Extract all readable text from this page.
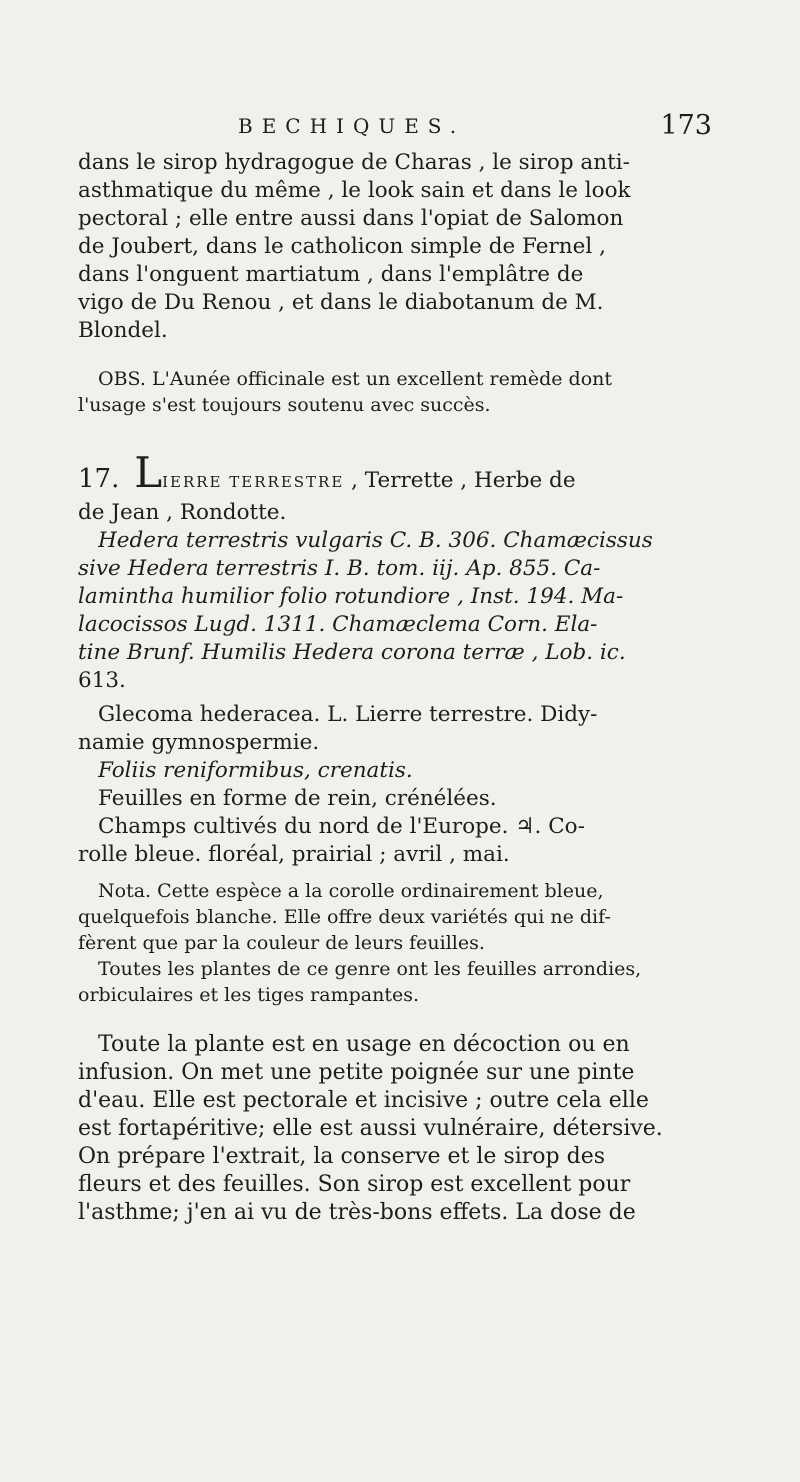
BECHIQUES.	173
dans le sirop hydragogue de Charas , le sirop anti-
asthmatique du même , le look sain et dans le look
pectoral ; elle entre aussi dans l'opiat de Salomon
de Joubert, dans le catholicon simple de Fernel ,
dans l'onguent martiatum , dans l'emplâtre de
vigo de Du Renou , et dans le diabotanum de M.
Blondel.
OBS. L'Aunée officinale est un excellent remède dont
l'usage s'est toujours soutenu avec succès.
17. LIERRE TERRESTRE , Terrette , Herbe de
de Jean , Rondotte.
Hedera terrestris vulgaris C. B. 306. Chamæcissus
sive Hedera terrestris I. B. tom. iij. Ap. 855. Ca-
lamintha humilior folio rotundiore , Inst. 194. Ma-
lacocissos Lugd. 1311. Chamæclema Corn. Ela-
tine Brunf. Humilis Hedera corona terræ , Lob. ic.
613.
Glecoma hederacea. L. Lierre terrestre. Didy-
namie gymnospermie.
Foliis reniformibus, crenatis.
Feuilles en forme de rein, crénélées.
Champs cultivés du nord de l'Europe. ♃. Co-
rolle bleue. floréal, prairial ; avril , mai.
Nota. Cette espèce a la corolle ordinairement bleue,
quelquefois blanche. Elle offre deux variétés qui ne dif-
fèrent que par la couleur de leurs feuilles.
Toutes les plantes de ce genre ont les feuilles arrondies,
orbiculaires et les tiges rampantes.
Toute la plante est en usage en décoction ou en
infusion. On met une petite poignée sur une pinte
d'eau. Elle est pectorale et incisive ; outre cela elle
est fortapéritive; elle est aussi vulnéraire, détersive.
On prépare l'extrait, la conserve et le sirop des
fleurs et des feuilles. Son sirop est excellent pour
l'asthme; j'en ai vu de très-bons effets. La dose de
